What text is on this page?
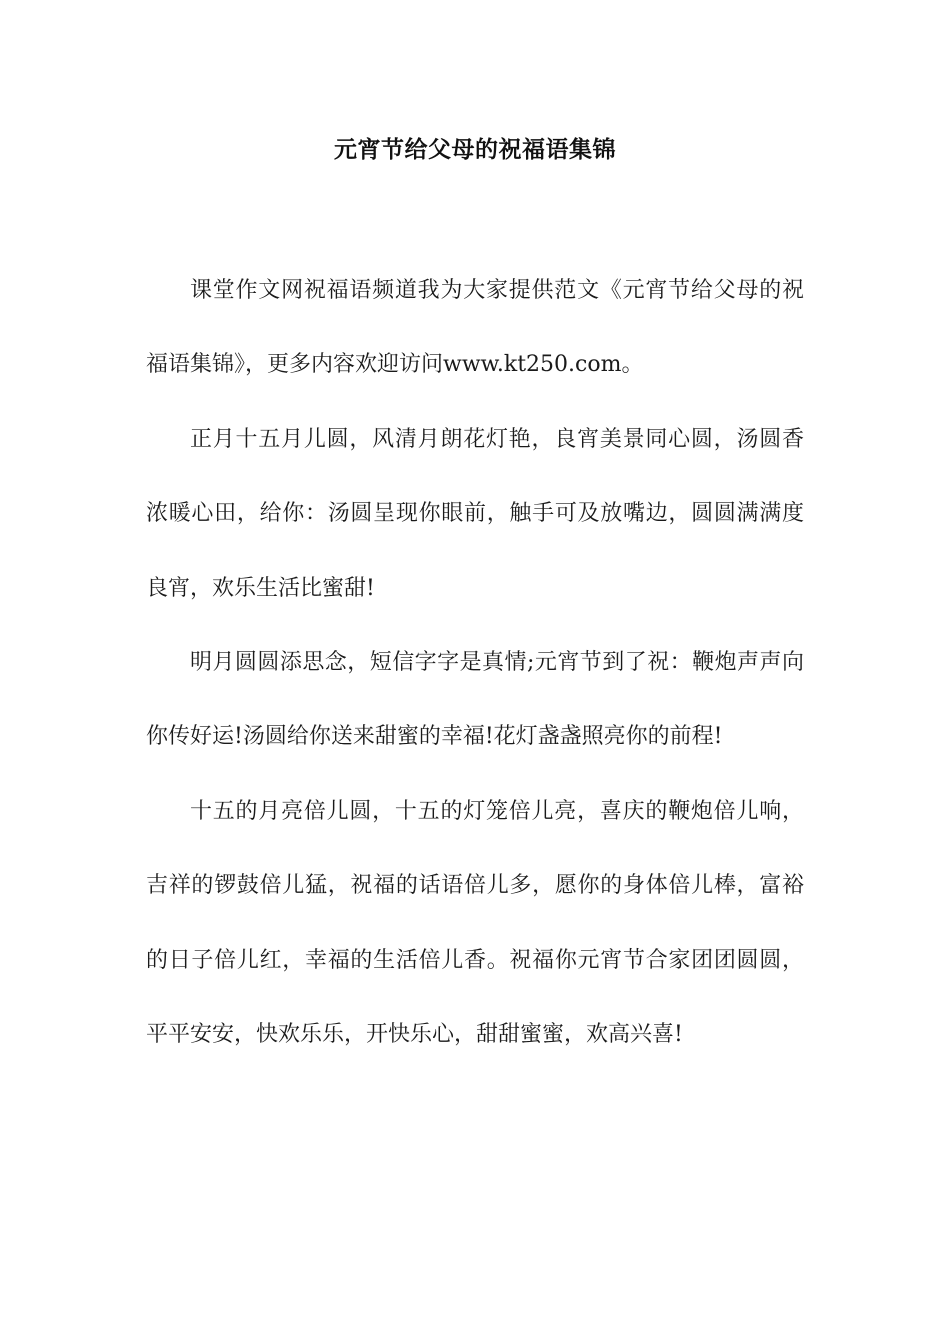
元宵节给父母的祝福语集锦

课堂作文网祝福语频道我为大家提供范文《元宵节给父母的祝福语集锦》，更多内容欢迎访问www.kt250.com。

正月十五月儿圆，风清月朗花灯艳，良宵美景同心圆，汤圆香浓暖心田，给你：汤圆呈现你眼前，触手可及放嘴边，圆圆满满度良宵，欢乐生活比蜜甜!

明月圆圆添思念，短信字字是真情;元宵节到了祝：鞭炮声声向你传好运!汤圆给你送来甜蜜的幸福!花灯盏盏照亮你的前程!

十五的月亮倍儿圆，十五的灯笼倍儿亮，喜庆的鞭炮倍儿响，吉祥的锣鼓倍儿猛，祝福的话语倍儿多，愿你的身体倍儿棒，富裕的日子倍儿红，幸福的生活倍儿香。祝福你元宵节合家团团圆圆，平平安安，快欢乐乐，开快乐心，甜甜蜜蜜，欢高兴喜!
